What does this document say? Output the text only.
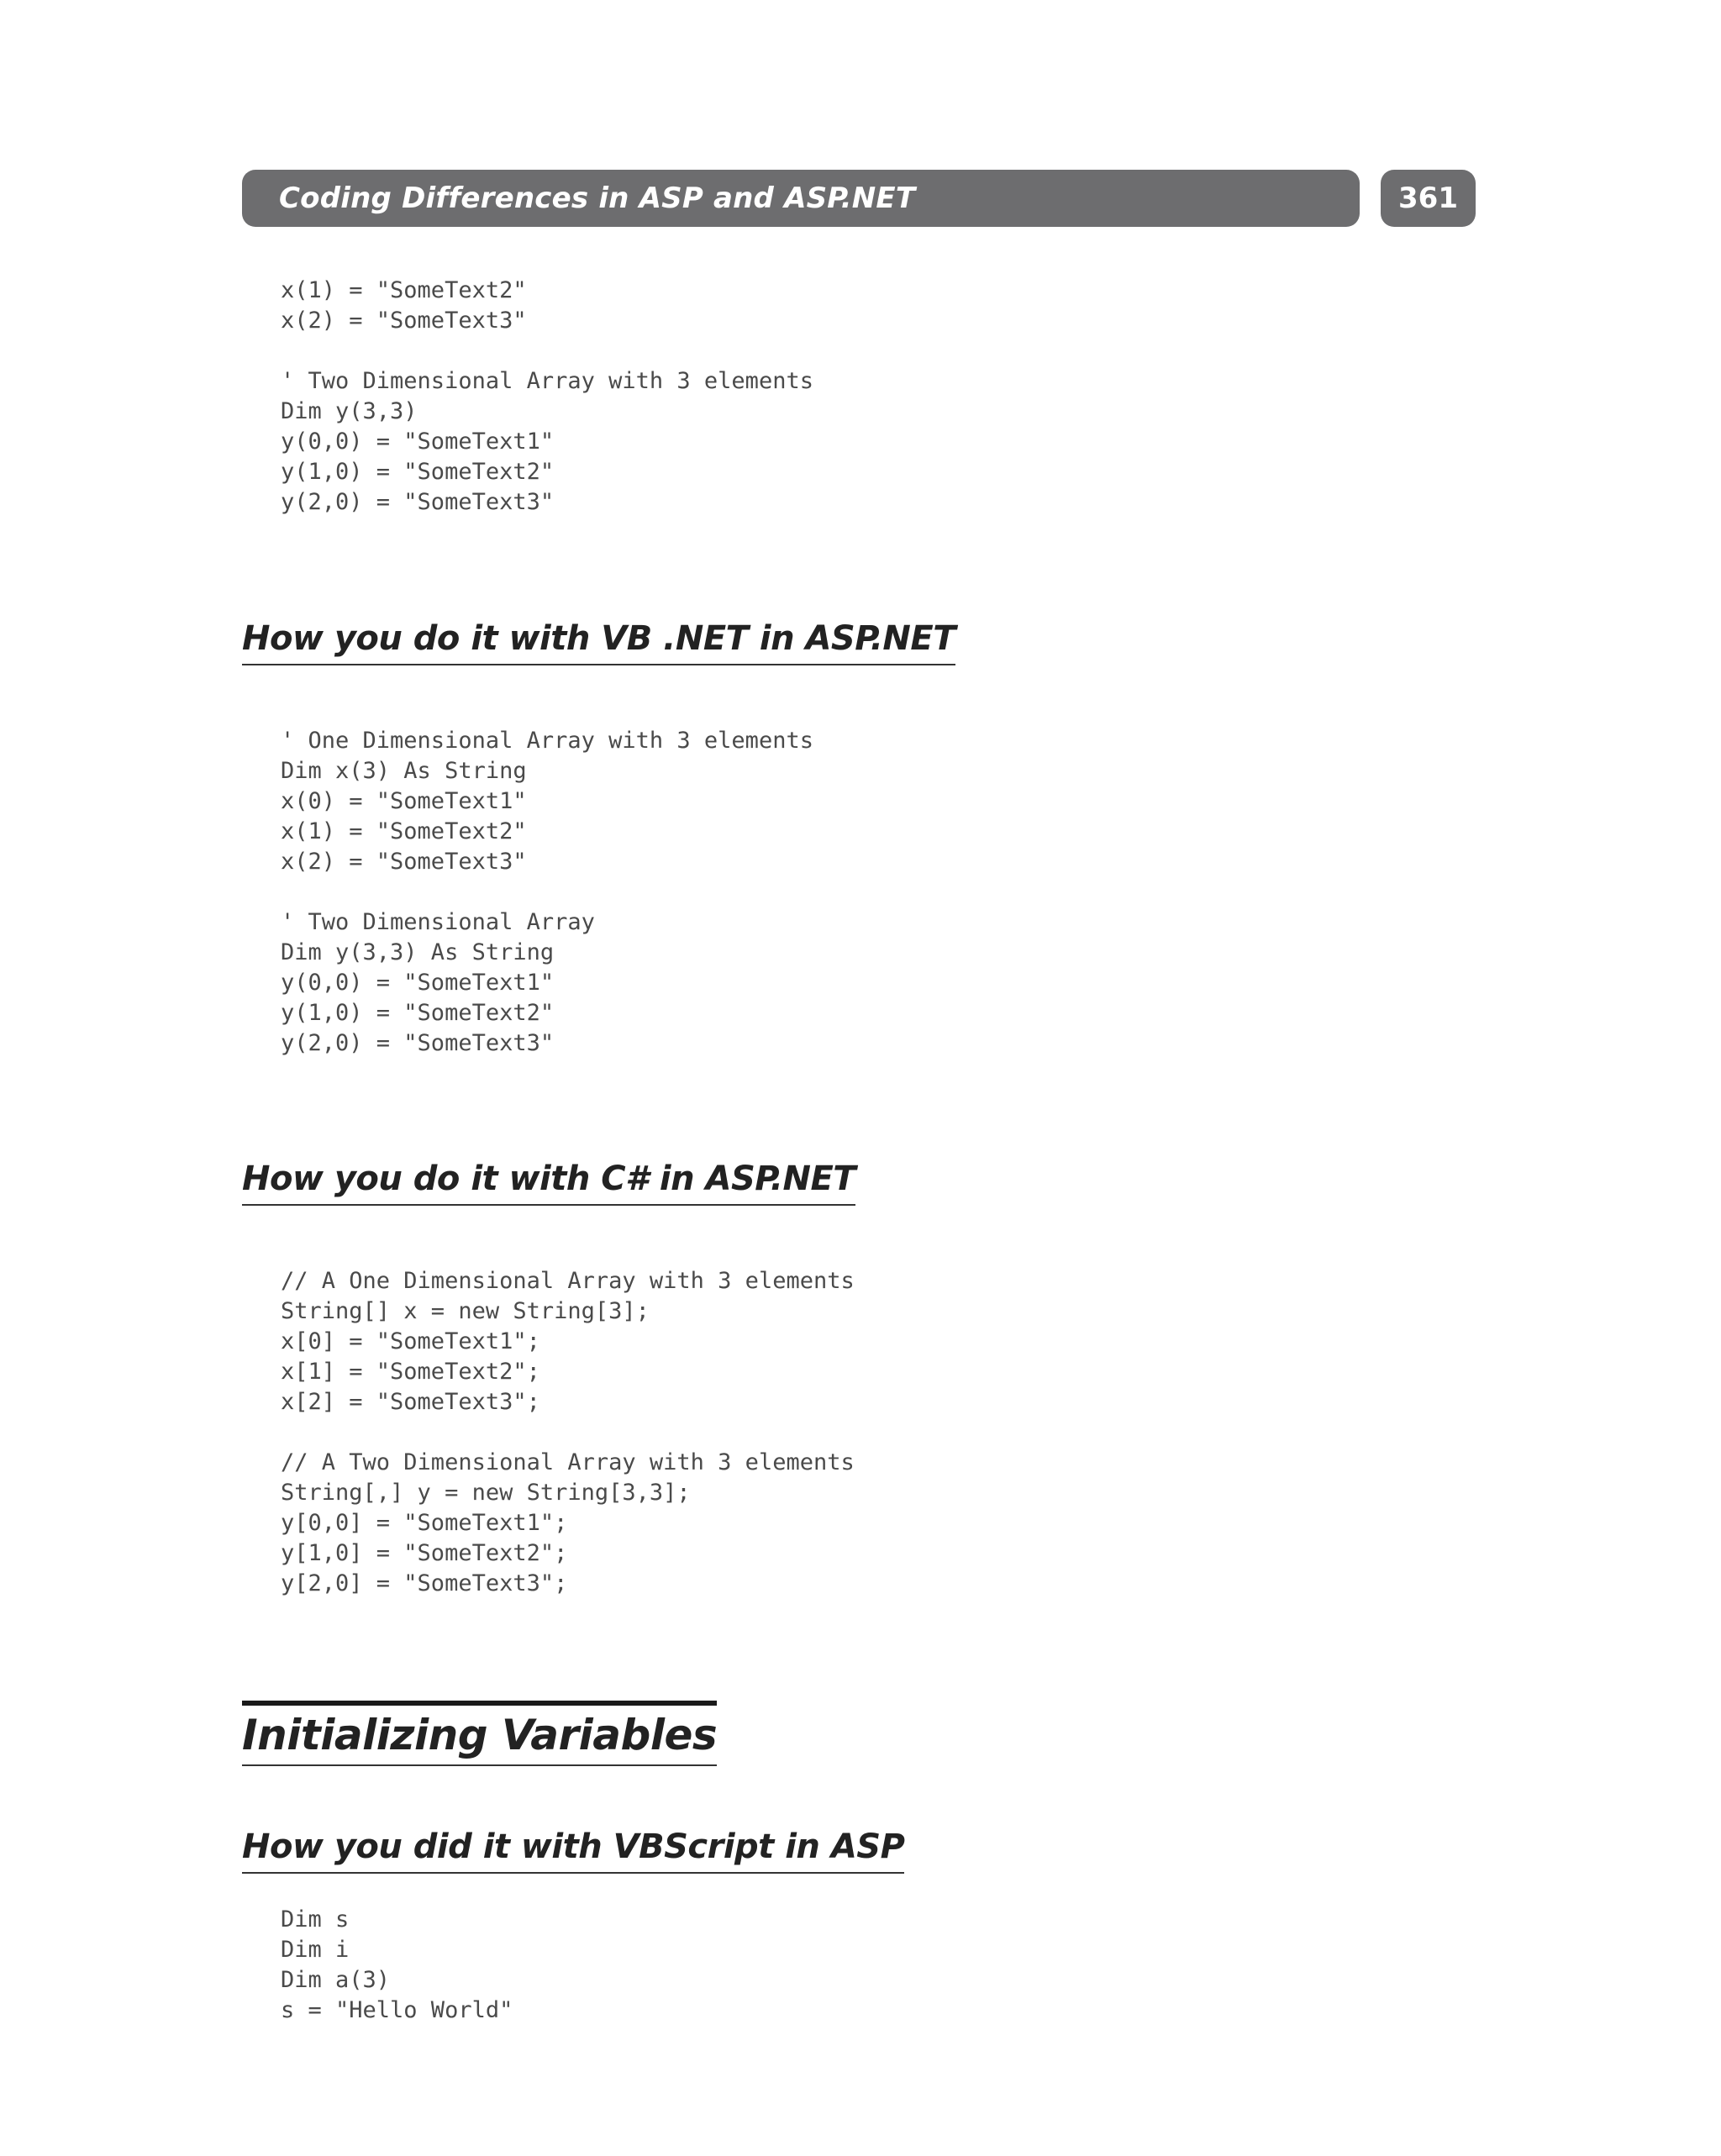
Coding Differences in ASP and ASP.NET	361
x(1) = "SomeText2"
x(2) = "SomeText3"
' Two Dimensional Array with 3 elements
Dim y(3,3)
y(0,0) = "SomeText1"
y(1,0) = "SomeText2"
y(2,0) = "SomeText3"
How you do it with VB .NET in ASP.NET
' One Dimensional Array with 3 elements
Dim x(3) As String
x(0) = "SomeText1"
x(1) = "SomeText2"
x(2) = "SomeText3"
' Two Dimensional Array
Dim y(3,3) As String
y(0,0) = "SomeText1"
y(1,0) = "SomeText2"
y(2,0) = "SomeText3"
How you do it with C# in ASP.NET
// A One Dimensional Array with 3 elements
String[] x = new String[3];
x[0] = "SomeText1";
x[1] = "SomeText2";
x[2] = "SomeText3";
// A Two Dimensional Array with 3 elements
String[,] y = new String[3,3];
y[0,0] = "SomeText1";
y[1,0] = "SomeText2";
y[2,0] = "SomeText3";
Initializing Variables
How you did it with VBScript in ASP
Dim s
Dim i
Dim a(3)
s = "Hello World"
